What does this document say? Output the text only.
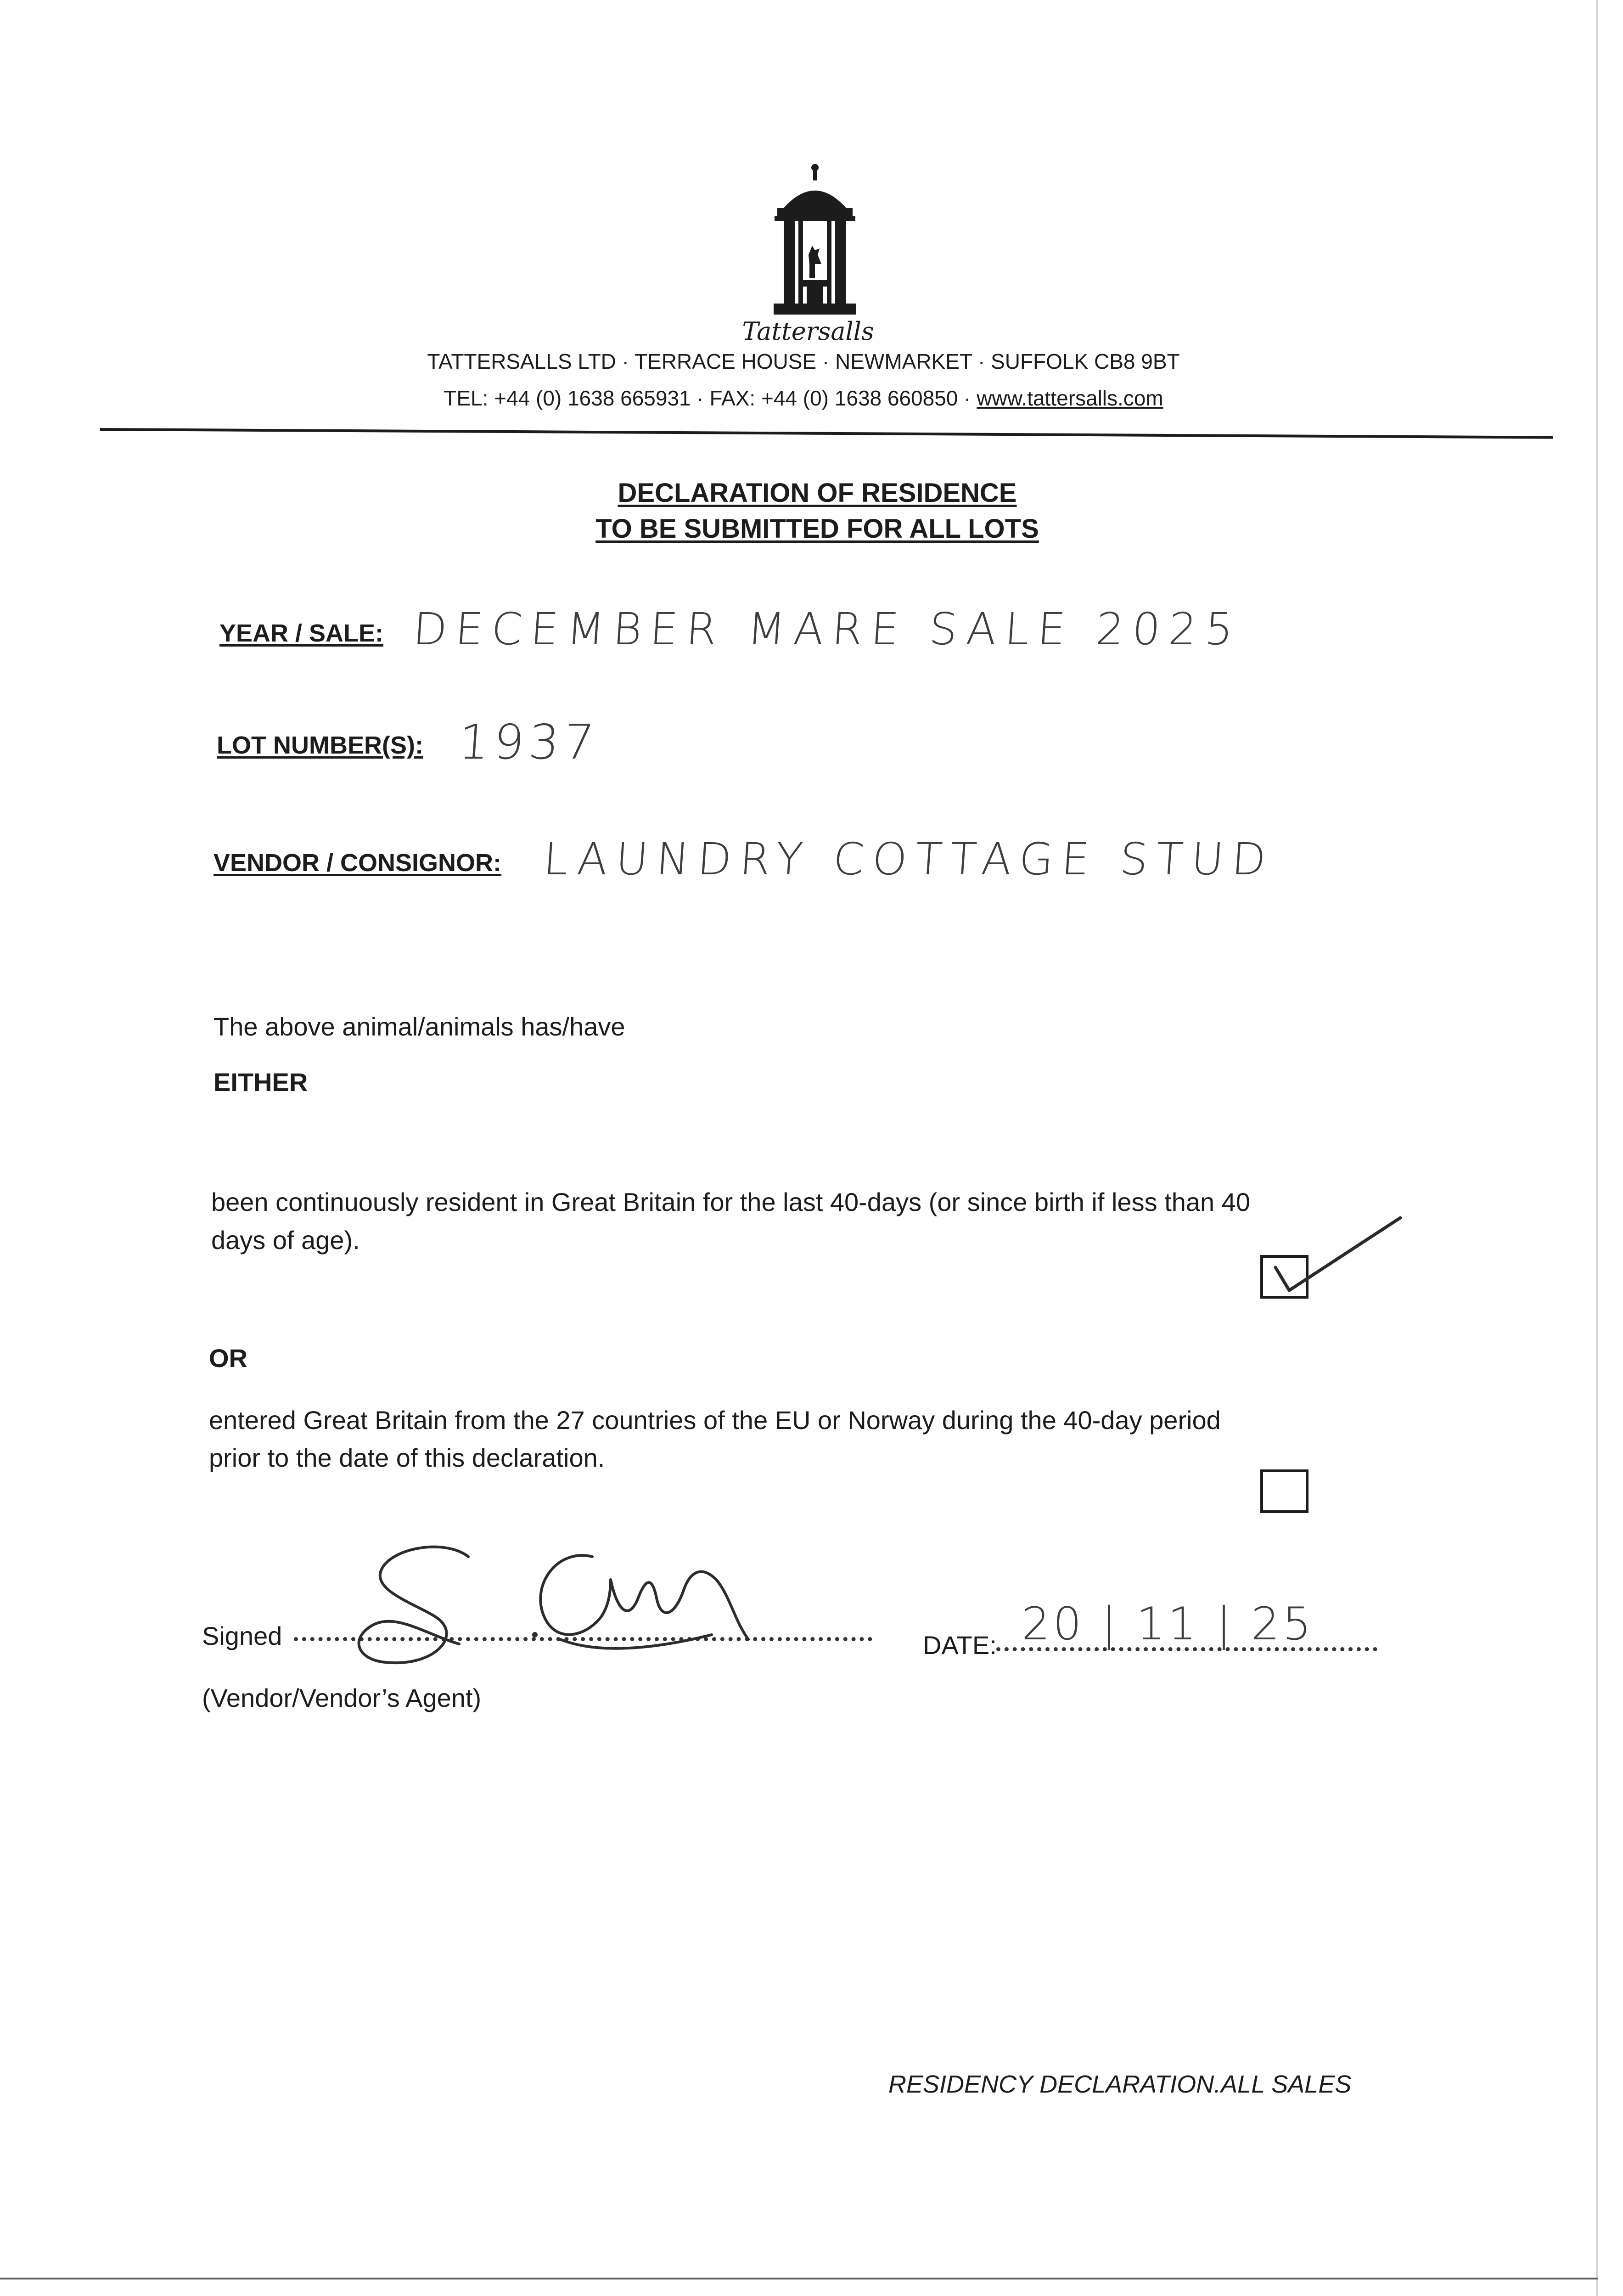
Tattersalls
TATTERSALLS LTD · TERRACE HOUSE · NEWMARKET · SUFFOLK CB8 9BT
TEL: +44 (0) 1638 665931 · FAX: +44 (0) 1638 660850 · www.tattersalls.com
DECLARATION OF RESIDENCE
TO BE SUBMITTED FOR ALL LOTS
YEAR / SALE: DECEMBER MARE SALE 2025
LOT NUMBER(S): 1937
VENDOR / CONSIGNOR: LAUNDRY COTTAGE STUD
The above animal/animals has/have
EITHER
been continuously resident in Great Britain for the last 40-days (or since birth if less than 40
days of age).
OR
entered Great Britain from the 27 countries of the EU or Norway during the 40-day period
prior to the date of this declaration.
Signed	DATE: 20 | 11 | 25
(Vendor/Vendor’s Agent)
RESIDENCY DECLARATION.ALL SALES
